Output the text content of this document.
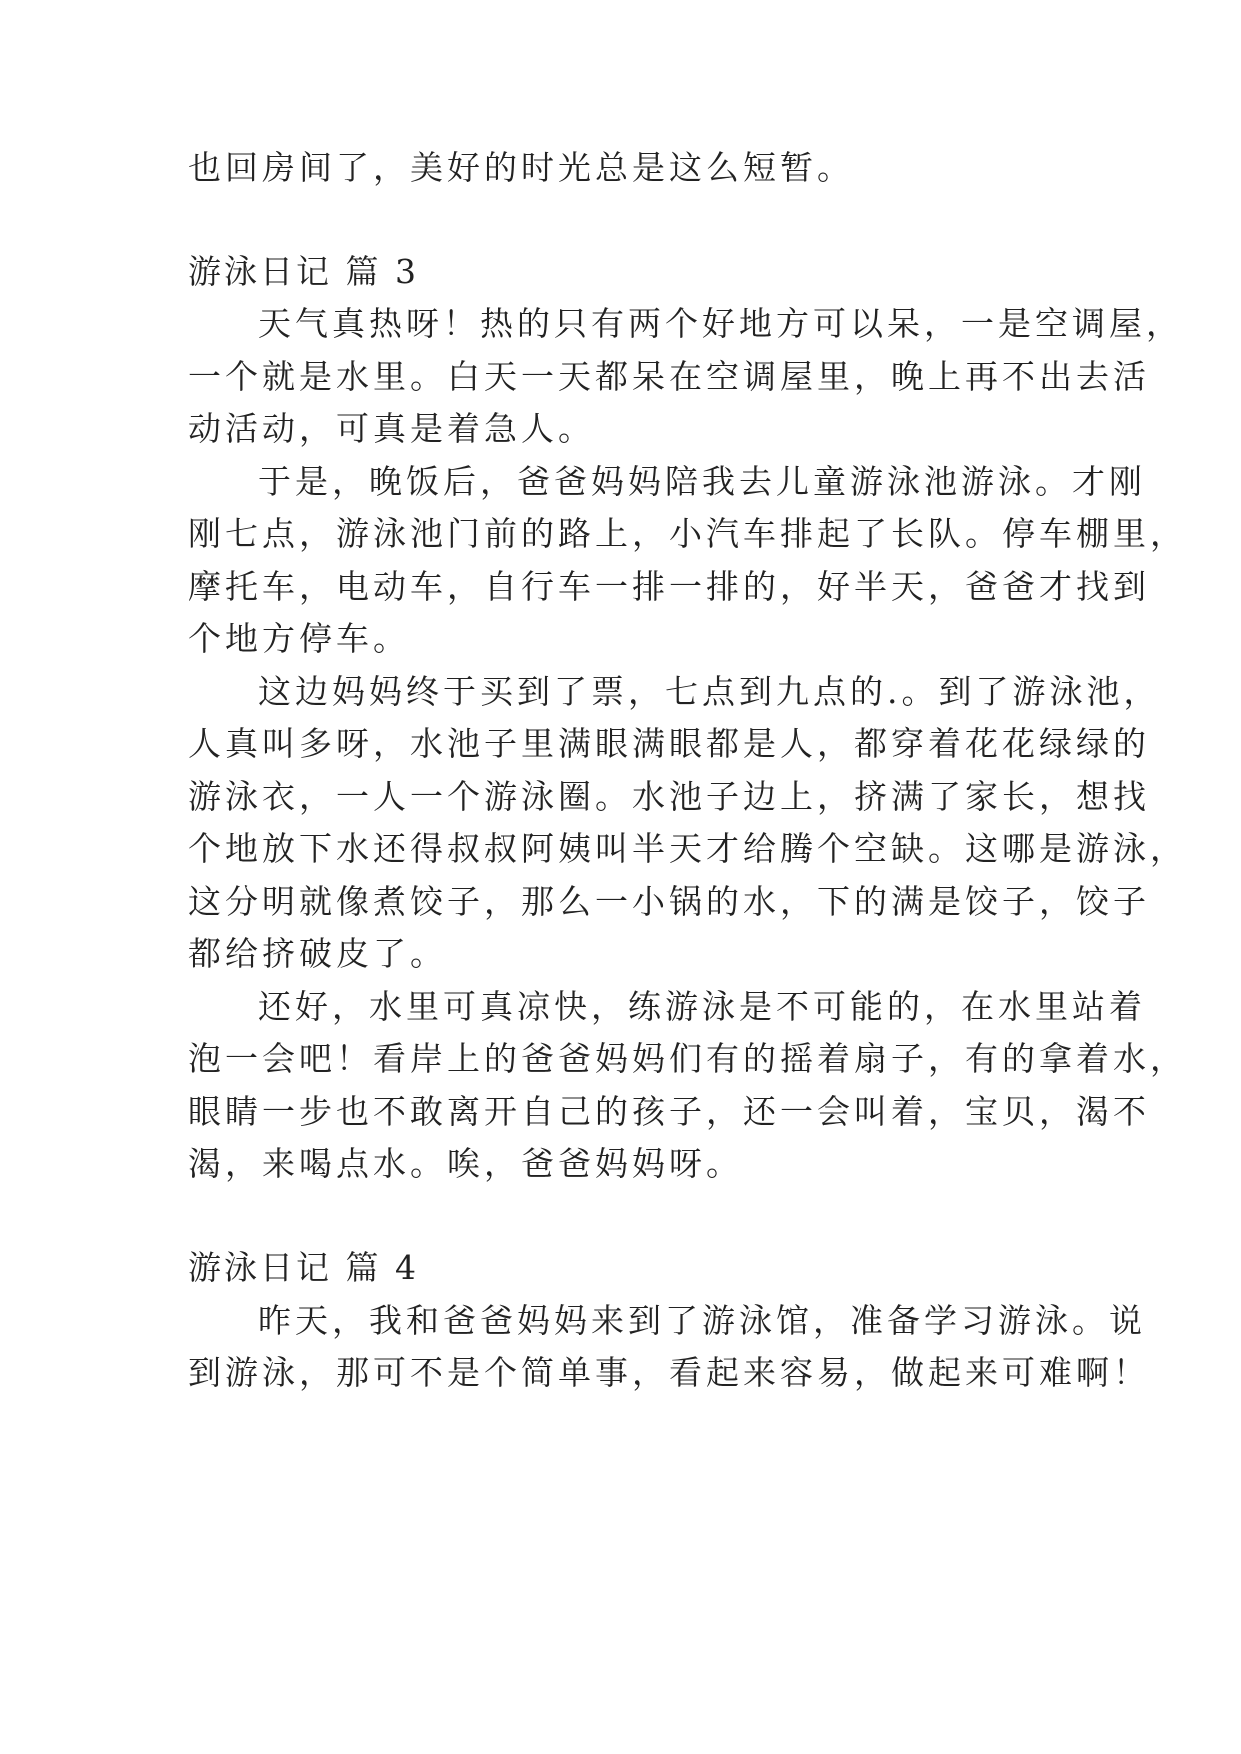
也回房间了，美好的时光总是这么短暂。
游泳日记 篇 3
天气真热呀！热的只有两个好地方可以呆，一是空调屋，
一个就是水里。白天一天都呆在空调屋里，晚上再不出去活
动活动，可真是着急人。
于是，晚饭后，爸爸妈妈陪我去儿童游泳池游泳。才刚
刚七点，游泳池门前的路上，小汽车排起了长队。停车棚里，
摩托车，电动车，自行车一排一排的，好半天，爸爸才找到
个地方停车。
这边妈妈终于买到了票，七点到九点的.。到了游泳池，
人真叫多呀，水池子里满眼满眼都是人，都穿着花花绿绿的
游泳衣，一人一个游泳圈。水池子边上，挤满了家长，想找
个地放下水还得叔叔阿姨叫半天才给腾个空缺。这哪是游泳，
这分明就像煮饺子，那么一小锅的水，下的满是饺子，饺子
都给挤破皮了。
还好，水里可真凉快，练游泳是不可能的，在水里站着
泡一会吧！看岸上的爸爸妈妈们有的摇着扇子，有的拿着水，
眼睛一步也不敢离开自己的孩子，还一会叫着，宝贝，渴不
渴，来喝点水。唉，爸爸妈妈呀。
游泳日记 篇 4
昨天，我和爸爸妈妈来到了游泳馆，准备学习游泳。说
到游泳，那可不是个简单事，看起来容易，做起来可难啊！
